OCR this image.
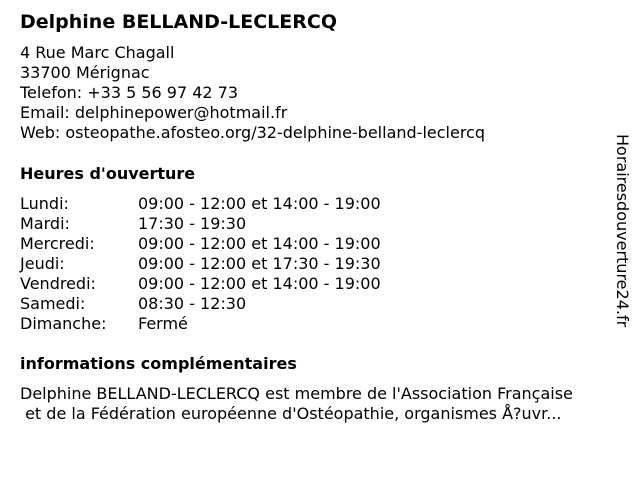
Delphine BELLAND-LECLERCQ
4 Rue Marc Chagall
33700 Mérignac
Telefon: +33 5 56 97 42 73
Email: delphinepower@hotmail.fr
Web: osteopathe.afosteo.org/32-delphine-belland-leclercq
Heures d'ouverture
Lundi:	09:00 - 12:00 et 14:00 - 19:00
Mardi:	17:30 - 19:30
Mercredi:	09:00 - 12:00 et 14:00 - 19:00
Jeudi:	09:00 - 12:00 et 17:30 - 19:30
Vendredi:	09:00 - 12:00 et 14:00 - 19:00
Samedi:	08:30 - 12:30
Dimanche: Fermé
informations complémentaires
Delphine BELLAND-LECLERCQ est membre de l'Association Française
et de la Fédération européenne d'Ostéopathie, organismes Å?uvr...
Horairesdouverture24.fr
